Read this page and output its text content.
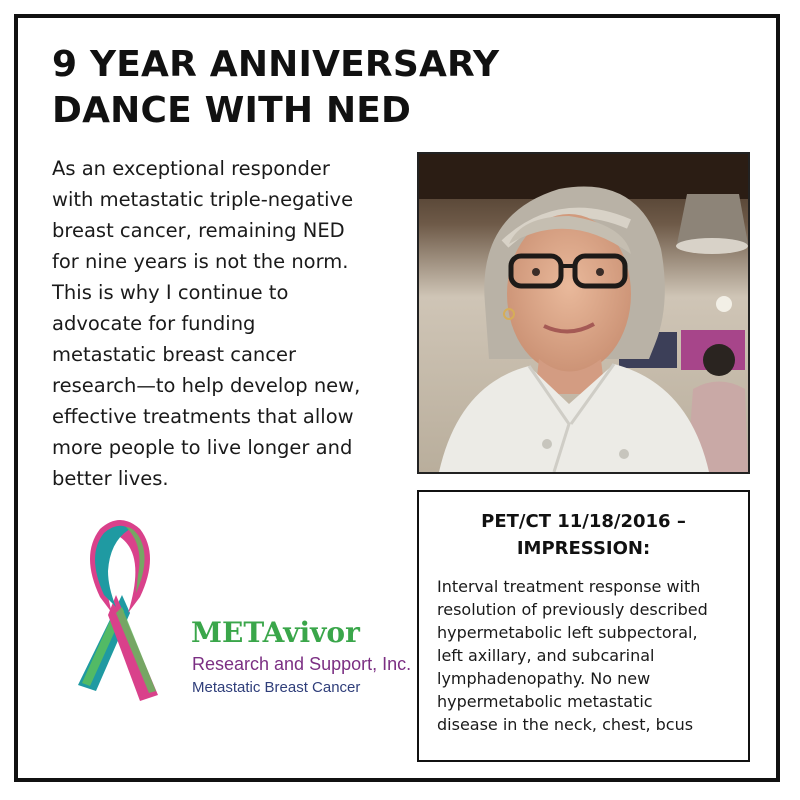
9 YEAR ANNIVERSARY
DANCE WITH NED
As an exceptional responder
with metastatic triple-negative
breast cancer, remaining NED
for nine years is not the norm.
This is why I continue to
advocate for funding
metastatic breast cancer
research—to help develop new,
effective treatments that allow
more people to live longer and
better lives.
PET/CT 11/18/2016 –
IMPRESSION:
Interval treatment response with
resolution of previously described
hypermetabolic left subpectoral,
left axillary, and subcarinal
lymphadenopathy. No new
hypermetabolic metastatic
disease in the neck, chest, bcus
METAvivor
Research and Support, Inc.
Metastatic Breast Cancer
